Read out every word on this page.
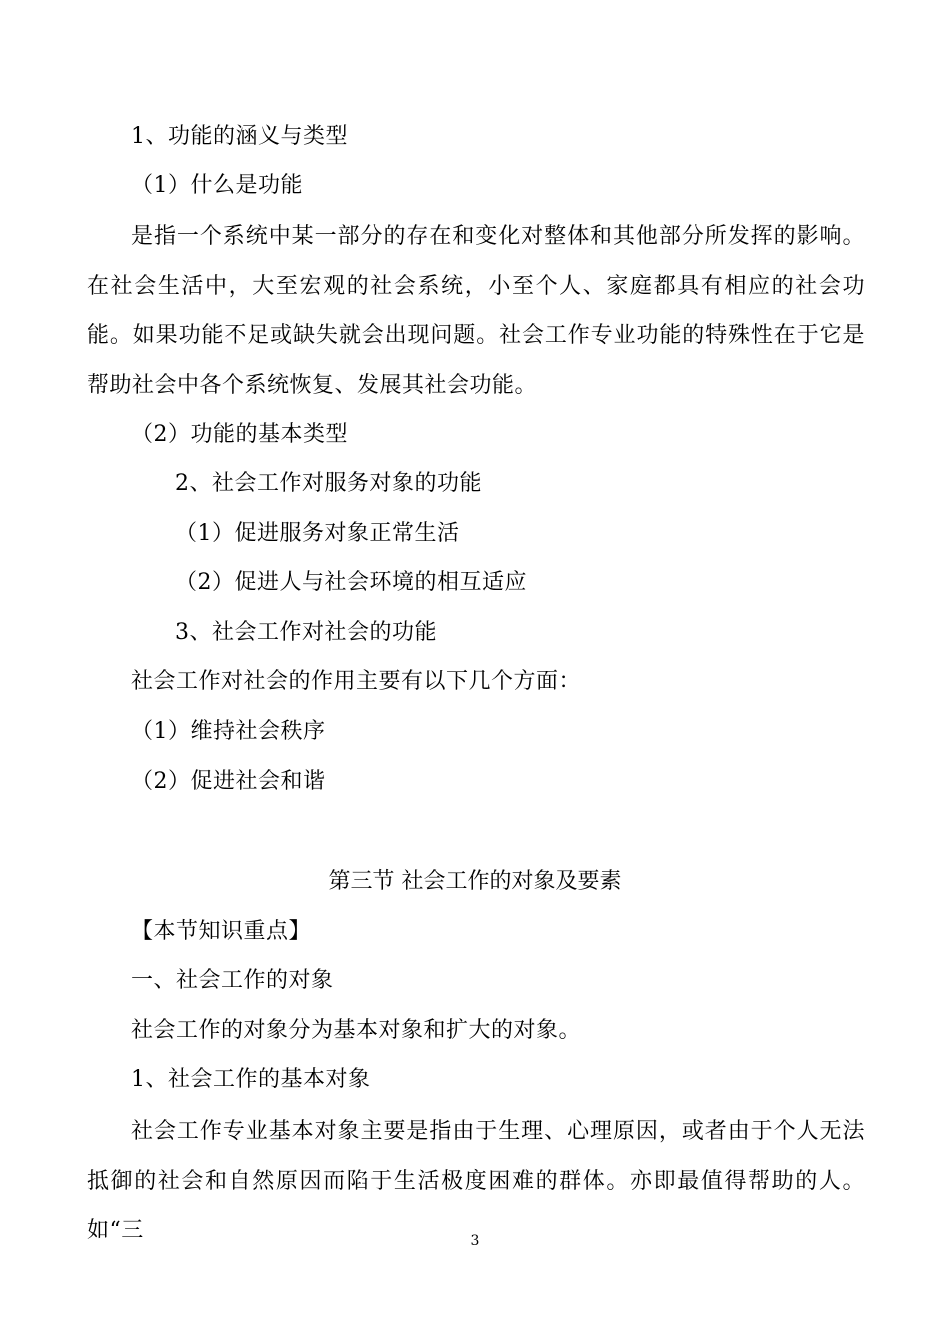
1、功能的涵义与类型
（1）什么是功能
是指一个系统中某一部分的存在和变化对整体和其他部分所发挥的影响。在社会生活中，大至宏观的社会系统，小至个人、家庭都具有相应的社会功能。如果功能不足或缺失就会出现问题。社会工作专业功能的特殊性在于它是帮助社会中各个系统恢复、发展其社会功能。
（2）功能的基本类型
2、社会工作对服务对象的功能
（1）促进服务对象正常生活
（2）促进人与社会环境的相互适应
3、社会工作对社会的功能
社会工作对社会的作用主要有以下几个方面：
（1）维持社会秩序
（2）促进社会和谐
第三节 社会工作的对象及要素
【本节知识重点】
一、社会工作的对象
社会工作的对象分为基本对象和扩大的对象。
1、社会工作的基本对象
社会工作专业基本对象主要是指由于生理、心理原因，或者由于个人无法抵御的社会和自然原因而陷于生活极度困难的群体。亦即最值得帮助的人。如“三	3
